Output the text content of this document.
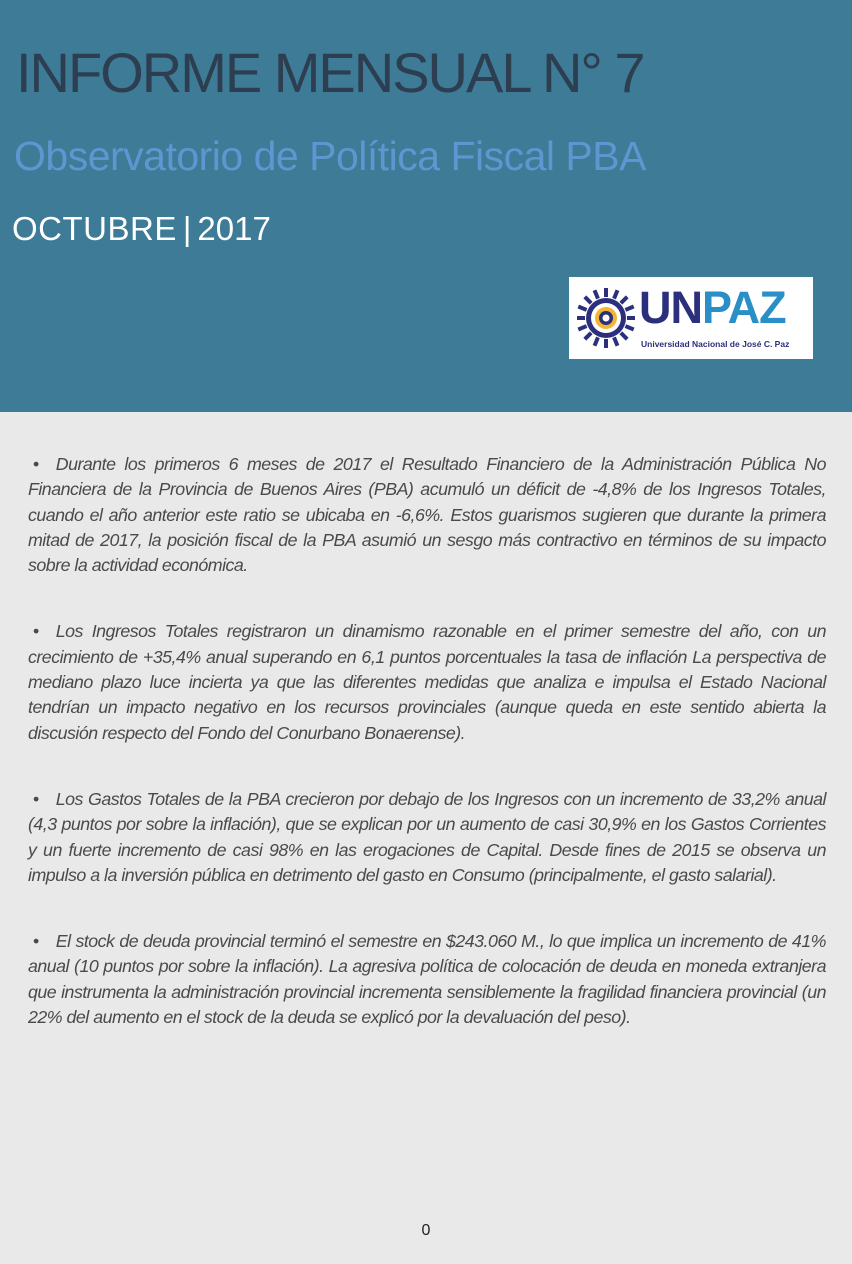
INFORME MENSUAL N° 7
Observatorio de Política Fiscal PBA
OCTUBRE | 2017
UNPAZ
Universidad Nacional de José C. Paz

• Durante los primeros 6 meses de 2017 el Resultado Financiero de la Administración Pública No Financiera de la Provincia de Buenos Aires (PBA) acumuló un déficit de -4,8% de los Ingresos Totales, cuando el año anterior este ratio se ubicaba en -6,6%. Estos guarismos sugieren que durante la primera mitad de 2017, la posición fiscal de la PBA asumió un sesgo más contractivo en términos de su impacto sobre la actividad económica.

• Los Ingresos Totales registraron un dinamismo razonable en el primer semestre del año, con un crecimiento de +35,4% anual superando en 6,1 puntos porcentuales la tasa de inflación La perspectiva de mediano plazo luce incierta ya que las diferentes medidas que analiza e impulsa el Estado Nacional tendrían un impacto negativo en los recursos provinciales (aunque queda en este sentido abierta la discusión respecto del Fondo del Conurbano Bonaerense).

• Los Gastos Totales de la PBA crecieron por debajo de los Ingresos con un incremento de 33,2% anual (4,3 puntos por sobre la inflación), que se explican por un aumento de casi 30,9% en los Gastos Corrientes y un fuerte incremento de casi 98% en las erogaciones de Capital. Desde fines de 2015 se observa un impulso a la inversión pública en detrimento del gasto en Consumo (principalmente, el gasto salarial).

• El stock de deuda provincial terminó el semestre en $243.060 M., lo que implica un incremento de 41% anual (10 puntos por sobre la inflación). La agresiva política de colocación de deuda en moneda extranjera que instrumenta la administración provincial incrementa sensiblemente la fragilidad financiera provincial (un 22% del aumento en el stock de la deuda se explicó por la devaluación del peso).

0
